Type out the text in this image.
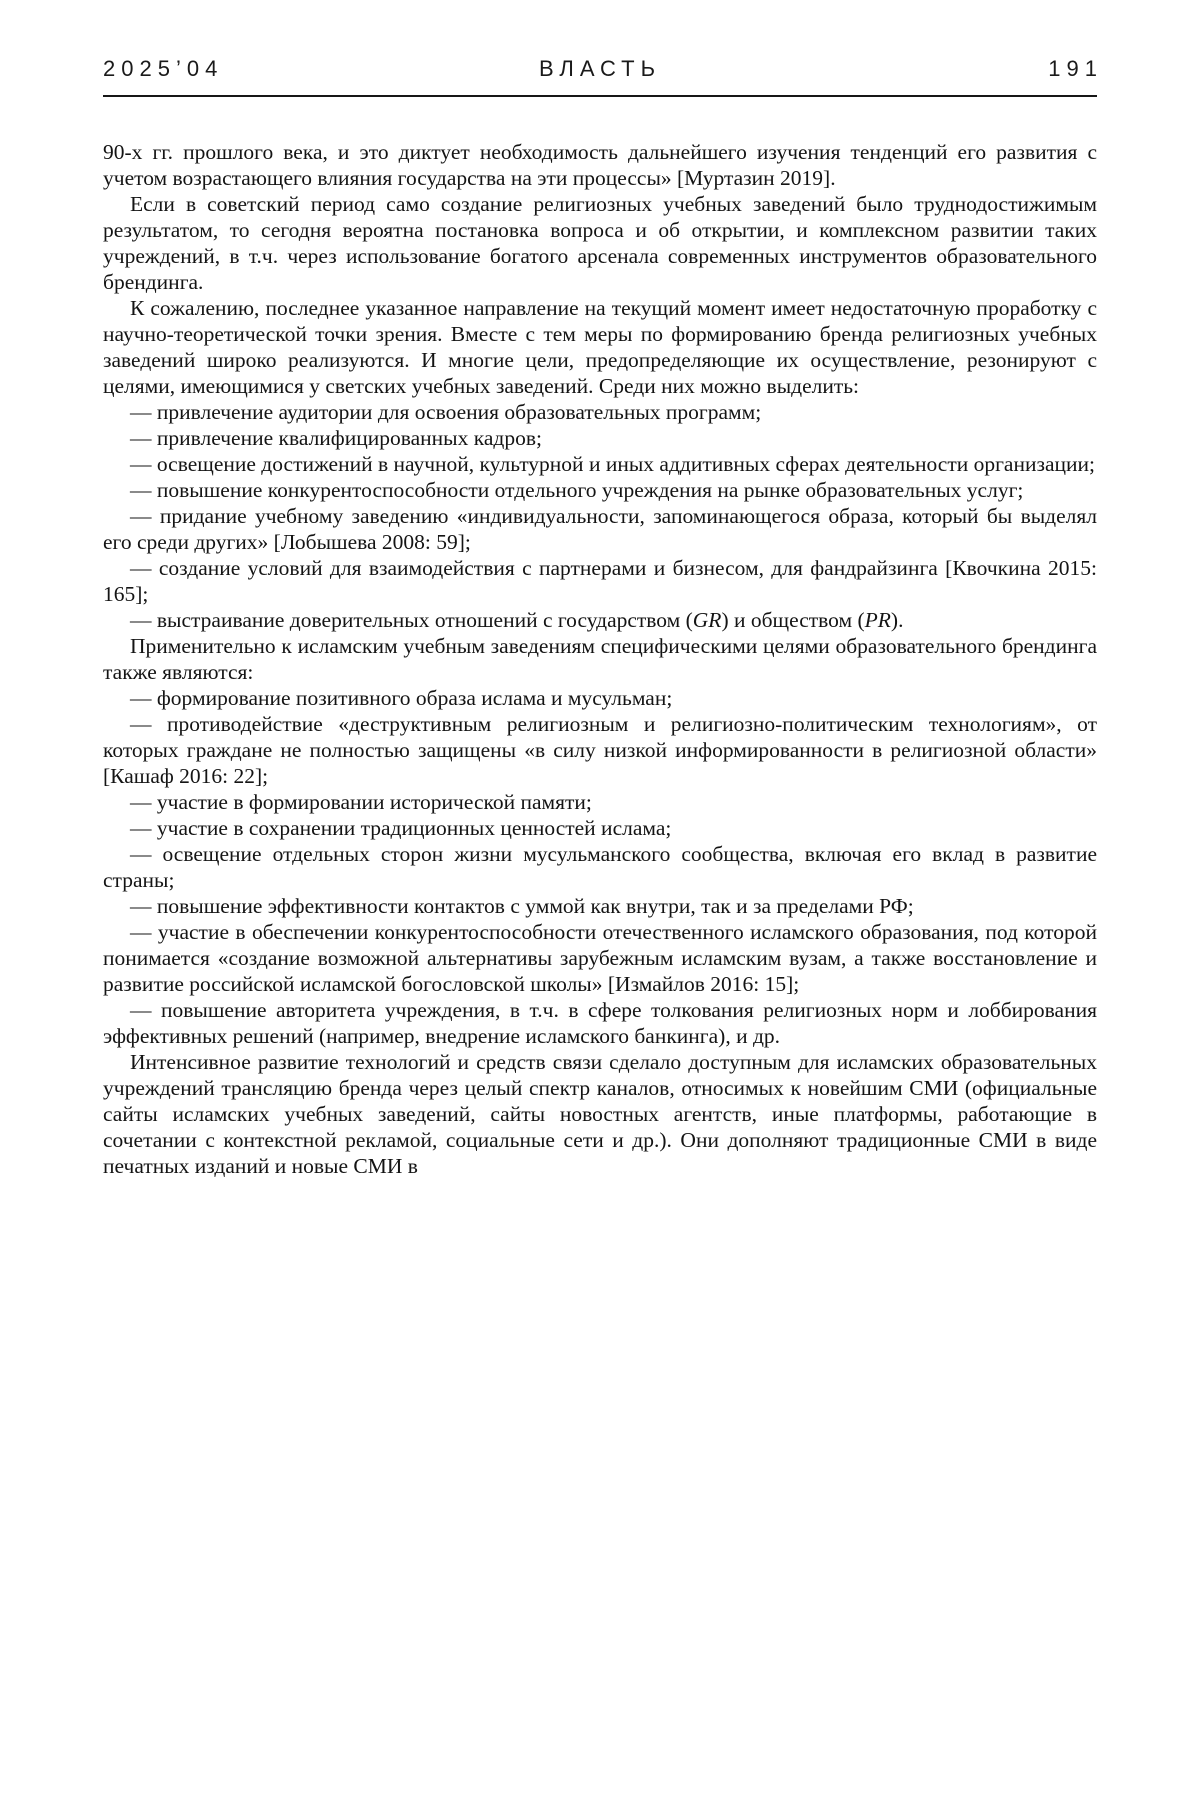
2025’04	ВЛАСТЬ	191

90-х гг. прошлого века, и это диктует необходимость дальнейшего изучения тенденций его развития с учетом возрастающего влияния государства на эти процессы» [Муртазин 2019].

Если в советский период само создание религиозных учебных заведений было труднодостижимым результатом, то сегодня вероятна постановка вопроса и об открытии, и комплексном развитии таких учреждений, в т.ч. через использование богатого арсенала современных инструментов образовательного брендинга.

К сожалению, последнее указанное направление на текущий момент имеет недостаточную проработку с научно-теоретической точки зрения. Вместе с тем меры по формированию бренда религиозных учебных заведений широко реализуются. И многие цели, предопределяющие их осуществление, резонируют с целями, имеющимися у светских учебных заведений. Среди них можно выделить:

— привлечение аудитории для освоения образовательных программ;

— привлечение квалифицированных кадров;

— освещение достижений в научной, культурной и иных аддитивных сферах деятельности организации;

— повышение конкурентоспособности отдельного учреждения на рынке образовательных услуг;

— придание учебному заведению «индивидуальности, запоминающегося образа, который бы выделял его среди других» [Лобышева 2008: 59];

— создание условий для взаимодействия с партнерами и бизнесом, для фандрайзинга [Квочкина 2015: 165];

— выстраивание доверительных отношений с государством (GR) и обществом (PR).

Применительно к исламским учебным заведениям специфическими целями образовательного брендинга также являются:

— формирование позитивного образа ислама и мусульман;

— противодействие «деструктивным религиозным и религиозно-политическим технологиям», от которых граждане не полностью защищены «в силу низкой информированности в религиозной области» [Кашаф 2016: 22];

— участие в формировании исторической памяти;

— участие в сохранении традиционных ценностей ислама;

— освещение отдельных сторон жизни мусульманского сообщества, включая его вклад в развитие страны;

— повышение эффективности контактов с уммой как внутри, так и за пределами РФ;

— участие в обеспечении конкурентоспособности отечественного исламского образования, под которой понимается «создание возможной альтернативы зарубежным исламским вузам, а также восстановление и развитие российской исламской богословской школы» [Измайлов 2016: 15];

— повышение авторитета учреждения, в т.ч. в сфере толкования религиозных норм и лоббирования эффективных решений (например, внедрение исламского банкинга), и др.

Интенсивное развитие технологий и средств связи сделало доступным для исламских образовательных учреждений трансляцию бренда через целый спектр каналов, относимых к новейшим СМИ (официальные сайты исламских учебных заведений, сайты новостных агентств, иные платформы, работающие в сочетании с контекстной рекламой, социальные сети и др.). Они дополняют традиционные СМИ в виде печатных изданий и новые СМИ в
